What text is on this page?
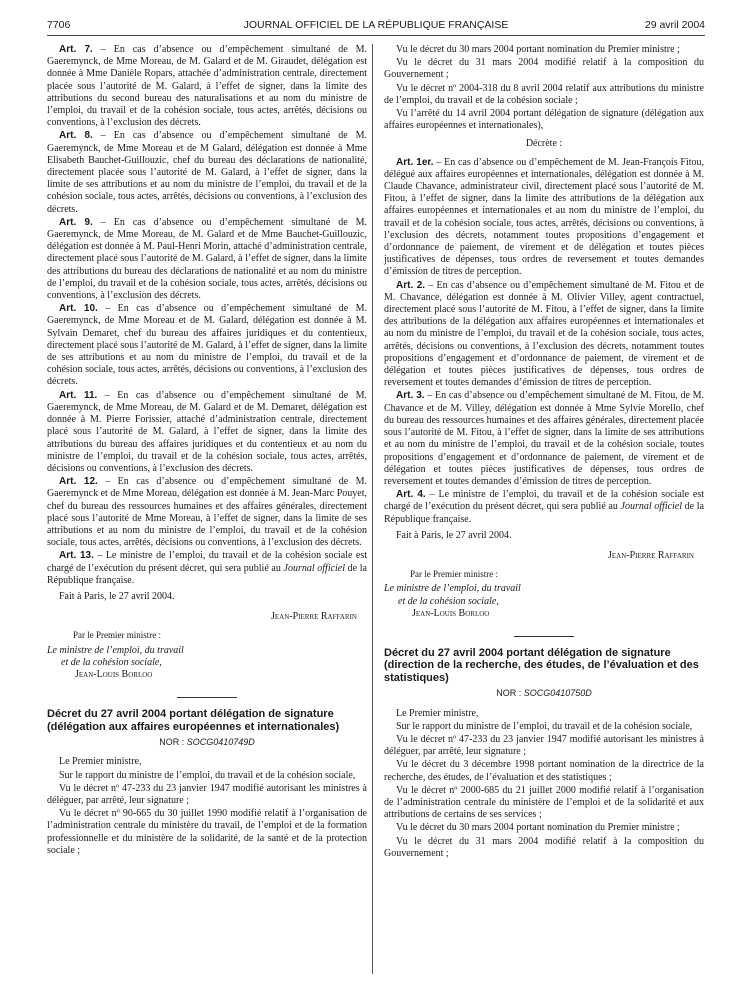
7706	JOURNAL OFFICIEL DE LA RÉPUBLIQUE FRANÇAISE	29 avril 2004

Art. 7. – En cas d’absence ou d’empêchement simultané de M. Gaeremynck, de Mme Moreau, de M. Galard et de M. Giraudet, délégation est donnée à Mme Danièle Ropars, attachée d’administration centrale, directement placée sous l’autorité de M. Galard, à l’effet de signer, dans la limite des attributions du second bureau des naturalisations et au nom du ministre de l’emploi, du travail et de la cohésion sociale, tous actes, arrêtés, décisions ou conventions, à l’exclusion des décrets.

Art. 8. – En cas d’absence ou d’empêchement simultané de M. Gaeremynck, de Mme Moreau et de M Galard, délégation est donnée à Mme Elisabeth Bauchet-Guillouzic, chef du bureau des déclarations de nationalité, directement placée sous l’autorité de M. Galard, à l’effet de signer, dans la limite de ses attributions et au nom du ministre de l’emploi, du travail et de la cohésion sociale, tous actes, arrêtés, décisions ou conventions, à l’exclusion des décrets.

Art. 9. – En cas d’absence ou d’empêchement simultané de M. Gaeremynck, de Mme Moreau, de M. Galard et de Mme Bauchet-Guillouzic, délégation est donnée à M. Paul-Henri Morin, attaché d’administration centrale, directement placé sous l’autorité de M. Galard, à l’effet de signer, dans la limite des attributions du bureau des déclarations de nationalité et au nom du ministre de l’emploi, du travail et de la cohésion sociale, tous actes, arrêtés, décisions ou conventions, à l’exclusion des décrets.

Art. 10. – En cas d’absence ou d’empêchement simultané de M. Gaeremynck, de Mme Moreau et de M. Galard, délégation est donnée à M. Sylvain Demaret, chef du bureau des affaires juridiques et du contentieux, directement placé sous l’autorité de M. Galard, à l’effet de signer, dans la limite de ses attributions et au nom du ministre de l’emploi, du travail et de la cohésion sociale, tous actes, arrêtés, décisions ou conventions, à l’exclusion des décrets.

Art. 11. – En cas d’absence ou d’empêchement simultané de M. Gaeremynck, de Mme Moreau, de M. Galard et de M. Demaret, délégation est donnée à M. Pierre Forissier, attaché d’administration centrale, directement placé sous l’autorité de M. Galard, à l’effet de signer, dans la limite des attributions du bureau des affaires juridiques et du contentieux et au nom du ministre de l’emploi, du travail et de la cohésion sociale, tous actes, arrêtés, décisions ou conventions, à l’exclusion des décrets.

Art. 12. – En cas d’absence ou d’empêchement simultané de M. Gaeremynck et de Mme Moreau, délégation est donnée à M. Jean-Marc Pouyet, chef du bureau des ressources humaines et des affaires générales, directement placé sous l’autorité de Mme Moreau, à l’effet de signer, dans la limite de ses attributions et au nom du ministre de l’emploi, du travail et de la cohésion sociale, tous actes, arrêtés, décisions ou conventions, à l’exclusion des décrets.

Art. 13. – Le ministre de l’emploi, du travail et de la cohésion sociale est chargé de l’exécution du présent décret, qui sera publié au Journal officiel de la République française.

Fait à Paris, le 27 avril 2004.

Jean-Pierre Raffarin
Par le Premier ministre :
Le ministre de l’emploi, du travail
et de la cohésion sociale,
Jean-Louis Borloo
Décret du 27 avril 2004 portant délégation de signature (délégation aux affaires européennes et internationales)
NOR : SOCG0410749D

Le Premier ministre,

Sur le rapport du ministre de l’emploi, du travail et de la cohésion sociale,

Vu le décret nº 47-233 du 23 janvier 1947 modifié autorisant les ministres à déléguer, par arrêté, leur signature ;

Vu le décret nº 90-665 du 30 juillet 1990 modifié relatif à l’organisation de l’administration centrale du ministère du travail, de l’emploi et de la formation professionnelle et du ministère de la solidarité, de la santé et de la protection sociale ;

Vu le décret du 30 mars 2004 portant nomination du Premier ministre ;

Vu le décret du 31 mars 2004 modifié relatif à la composition du Gouvernement ;

Vu le décret nº 2004-318 du 8 avril 2004 relatif aux attributions du ministre de l’emploi, du travail et de la cohésion sociale ;

Vu l’arrêté du 14 avril 2004 portant délégation de signature (délégation aux affaires européennes et internationales),

Décrète :

Art. 1er. – En cas d’absence ou d’empêchement de M. Jean-François Fitou, délégué aux affaires européennes et internationales, délégation est donnée à M. Claude Chavance, administrateur civil, directement placé sous l’autorité de M. Fitou, à l’effet de signer, dans la limite des attributions de la délégation aux affaires européennes et internationales et au nom du ministre de l’emploi, du travail et de la cohésion sociale, tous actes, arrêtés, décisions ou conventions, à l’exclusion des décrets, notamment toutes propositions d’engagement et d’ordonnance de paiement, de virement et de délégation et toutes pièces justificatives de dépenses, tous ordres de reversement et toutes demandes d’émission de titres de perception.

Art. 2. – En cas d’absence ou d’empêchement simultané de M. Fitou et de M. Chavance, délégation est donnée à M. Olivier Villey, agent contractuel, directement placé sous l’autorité de M. Fitou, à l’effet de signer, dans la limite des attributions de la délégation aux affaires européennes et internationales et au nom du ministre de l’emploi, du travail et de la cohésion sociale, tous actes, arrêtés, décisions ou conventions, à l’exclusion des décrets, notamment toutes propositions d’engagement et d’ordonnance de paiement, de virement et de délégation et toutes pièces justificatives de dépenses, tous ordres de reversement et toutes demandes d’émission de titres de perception.

Art. 3. – En cas d’absence ou d’empêchement simultané de M. Fitou, de M. Chavance et de M. Villey, délégation est donnée à Mme Sylvie Morello, chef du bureau des ressources humaines et des affaires générales, directement placée sous l’autorité de M. Fitou, à l’effet de signer, dans la limite de ses attributions et au nom du ministre de l’emploi, du travail et de la cohésion sociale, toutes propositions d’engagement et d’ordonnance de paiement, de virement et de délégation et toutes pièces justificatives de dépenses, tous ordres de reversement et toutes demandes d’émission de titres de perception.

Art. 4. – Le ministre de l’emploi, du travail et de la cohésion sociale est chargé de l’exécution du présent décret, qui sera publié au Journal officiel de la République française.

Fait à Paris, le 27 avril 2004.

Jean-Pierre Raffarin
Par le Premier ministre :
Le ministre de l’emploi, du travail
et de la cohésion sociale,
Jean-Louis Borloo
Décret du 27 avril 2004 portant délégation de signature (direction de la recherche, des études, de l’évaluation et des statistiques)
NOR : SOCG0410750D

Le Premier ministre,

Sur le rapport du ministre de l’emploi, du travail et de la cohésion sociale,

Vu le décret nº 47-233 du 23 janvier 1947 modifié autorisant les ministres à déléguer, par arrêté, leur signature ;

Vu le décret du 3 décembre 1998 portant nomination de la directrice de la recherche, des études, de l’évaluation et des statistiques ;

Vu le décret nº 2000-685 du 21 juillet 2000 modifié relatif à l’organisation de l’administration centrale du ministère de l’emploi et de la solidarité et aux attributions de certains de ses services ;

Vu le décret du 30 mars 2004 portant nomination du Premier ministre ;

Vu le décret du 31 mars 2004 modifié relatif à la composition du Gouvernement ;
